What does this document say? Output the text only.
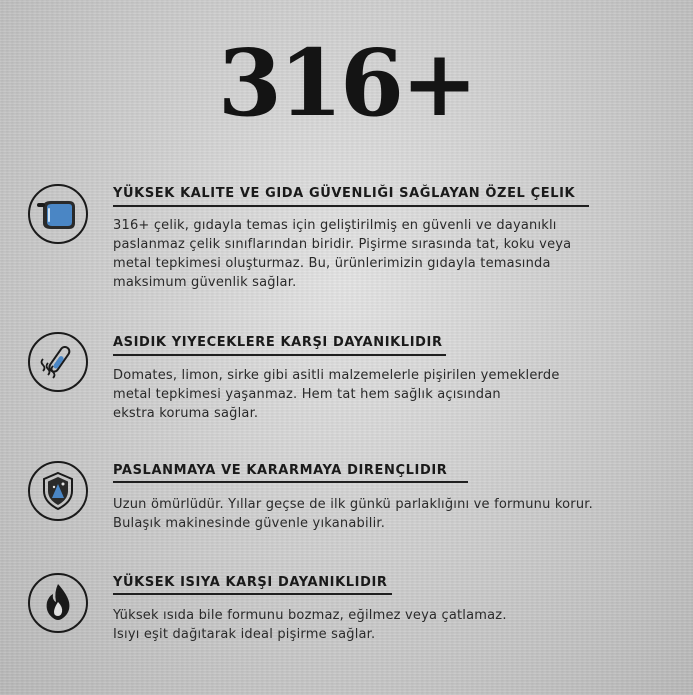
316+
YÜKSEK KALITE VE GIDA GÜVENLIĞI SAĞLAYAN ÖZEL ÇELIK
316+ çelik, gıdayla temas için geliştirilmiş en güvenli ve dayanıklı
paslanmaz çelik sınıflarından biridir. Pişirme sırasında tat, koku veya
metal tepkimesi oluşturmaz. Bu, ürünlerimizin gıdayla temasında
maksimum güvenlik sağlar.
ASIDIK YIYECEKLERE KARŞI DAYANIKLIDIR
Domates, limon, sirke gibi asitli malzemelerle pişirilen yemeklerde
metal tepkimesi yaşanmaz. Hem tat hem sağlık açısından
ekstra koruma sağlar.
PASLANMAYA VE KARARMAYA DIRENÇLIDIR
Uzun ömürlüdür. Yıllar geçse de ilk günkü parlaklığını ve formunu korur.
Bulaşık makinesinde güvenle yıkanabilir.
YÜKSEK ISIYA KARŞI DAYANIKLIDIR
Yüksek ısıda bile formunu bozmaz, eğilmez veya çatlamaz.
Isıyı eşit dağıtarak ideal pişirme sağlar.
